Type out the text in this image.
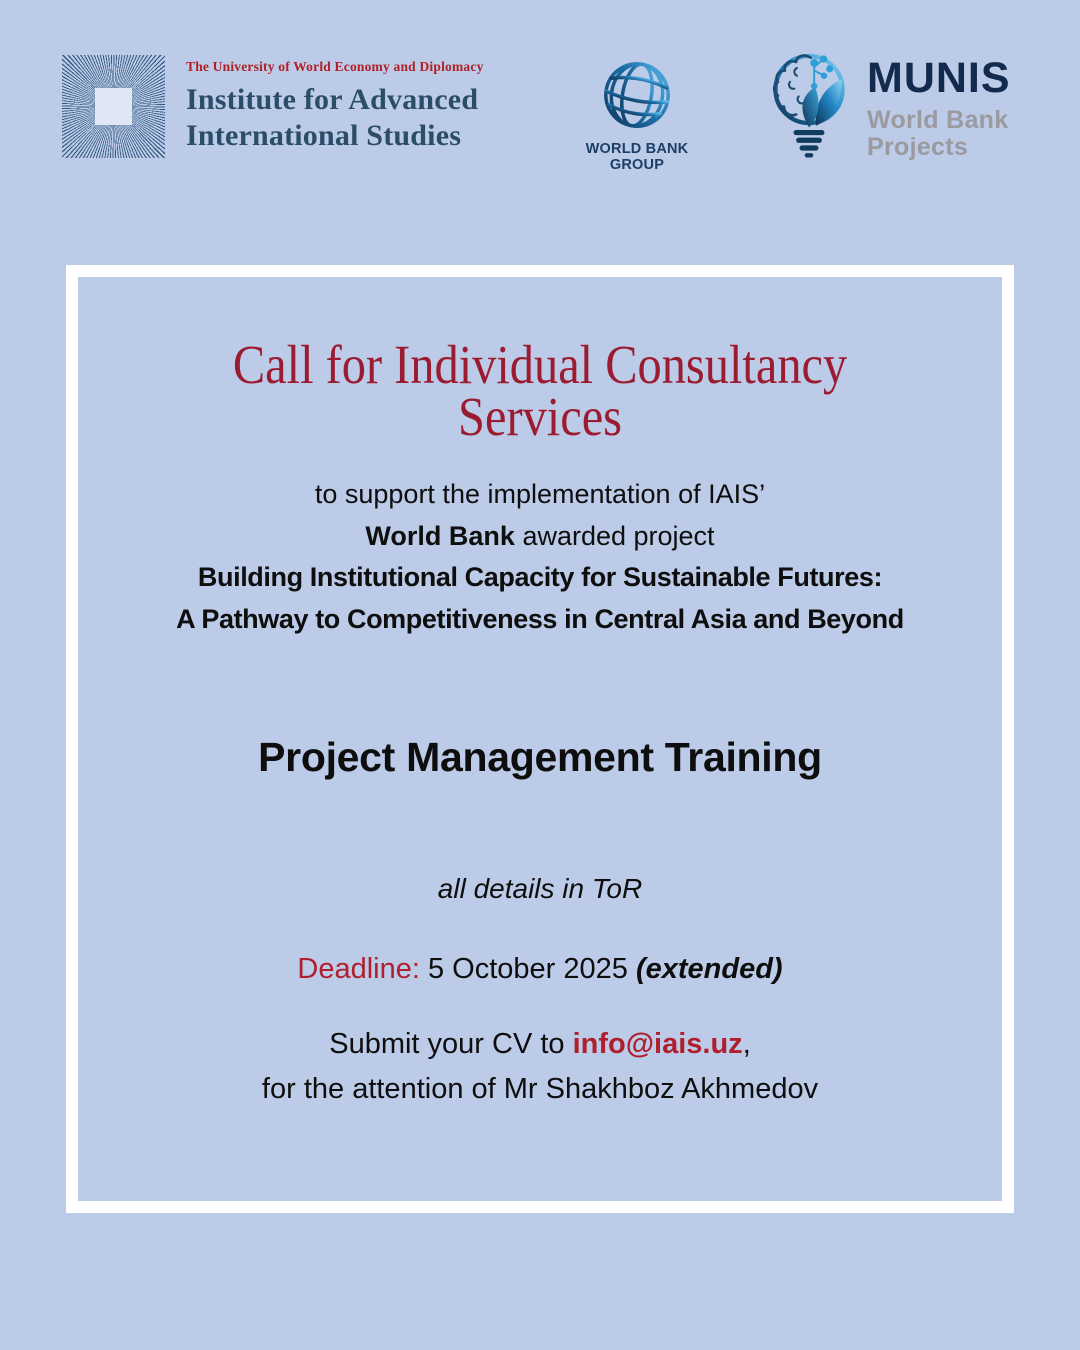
The University of World Economy and Diplomacy
Institute for Advanced
International Studies	WORLD BANK GROUP
MUNIS
World Bank
Projects
Call for Individual Consultancy
Services

to support the implementation of IAIS’

World Bank awarded project

Building Institutional Capacity for Sustainable Futures:

A Pathway to Competitiveness in Central Asia and Beyond

Project Management Training

all details in ToR

Deadline: 5 October 2025 (extended)

Submit your CV to info@iais.uz,

for the attention of Mr Shakhboz Akhmedov
